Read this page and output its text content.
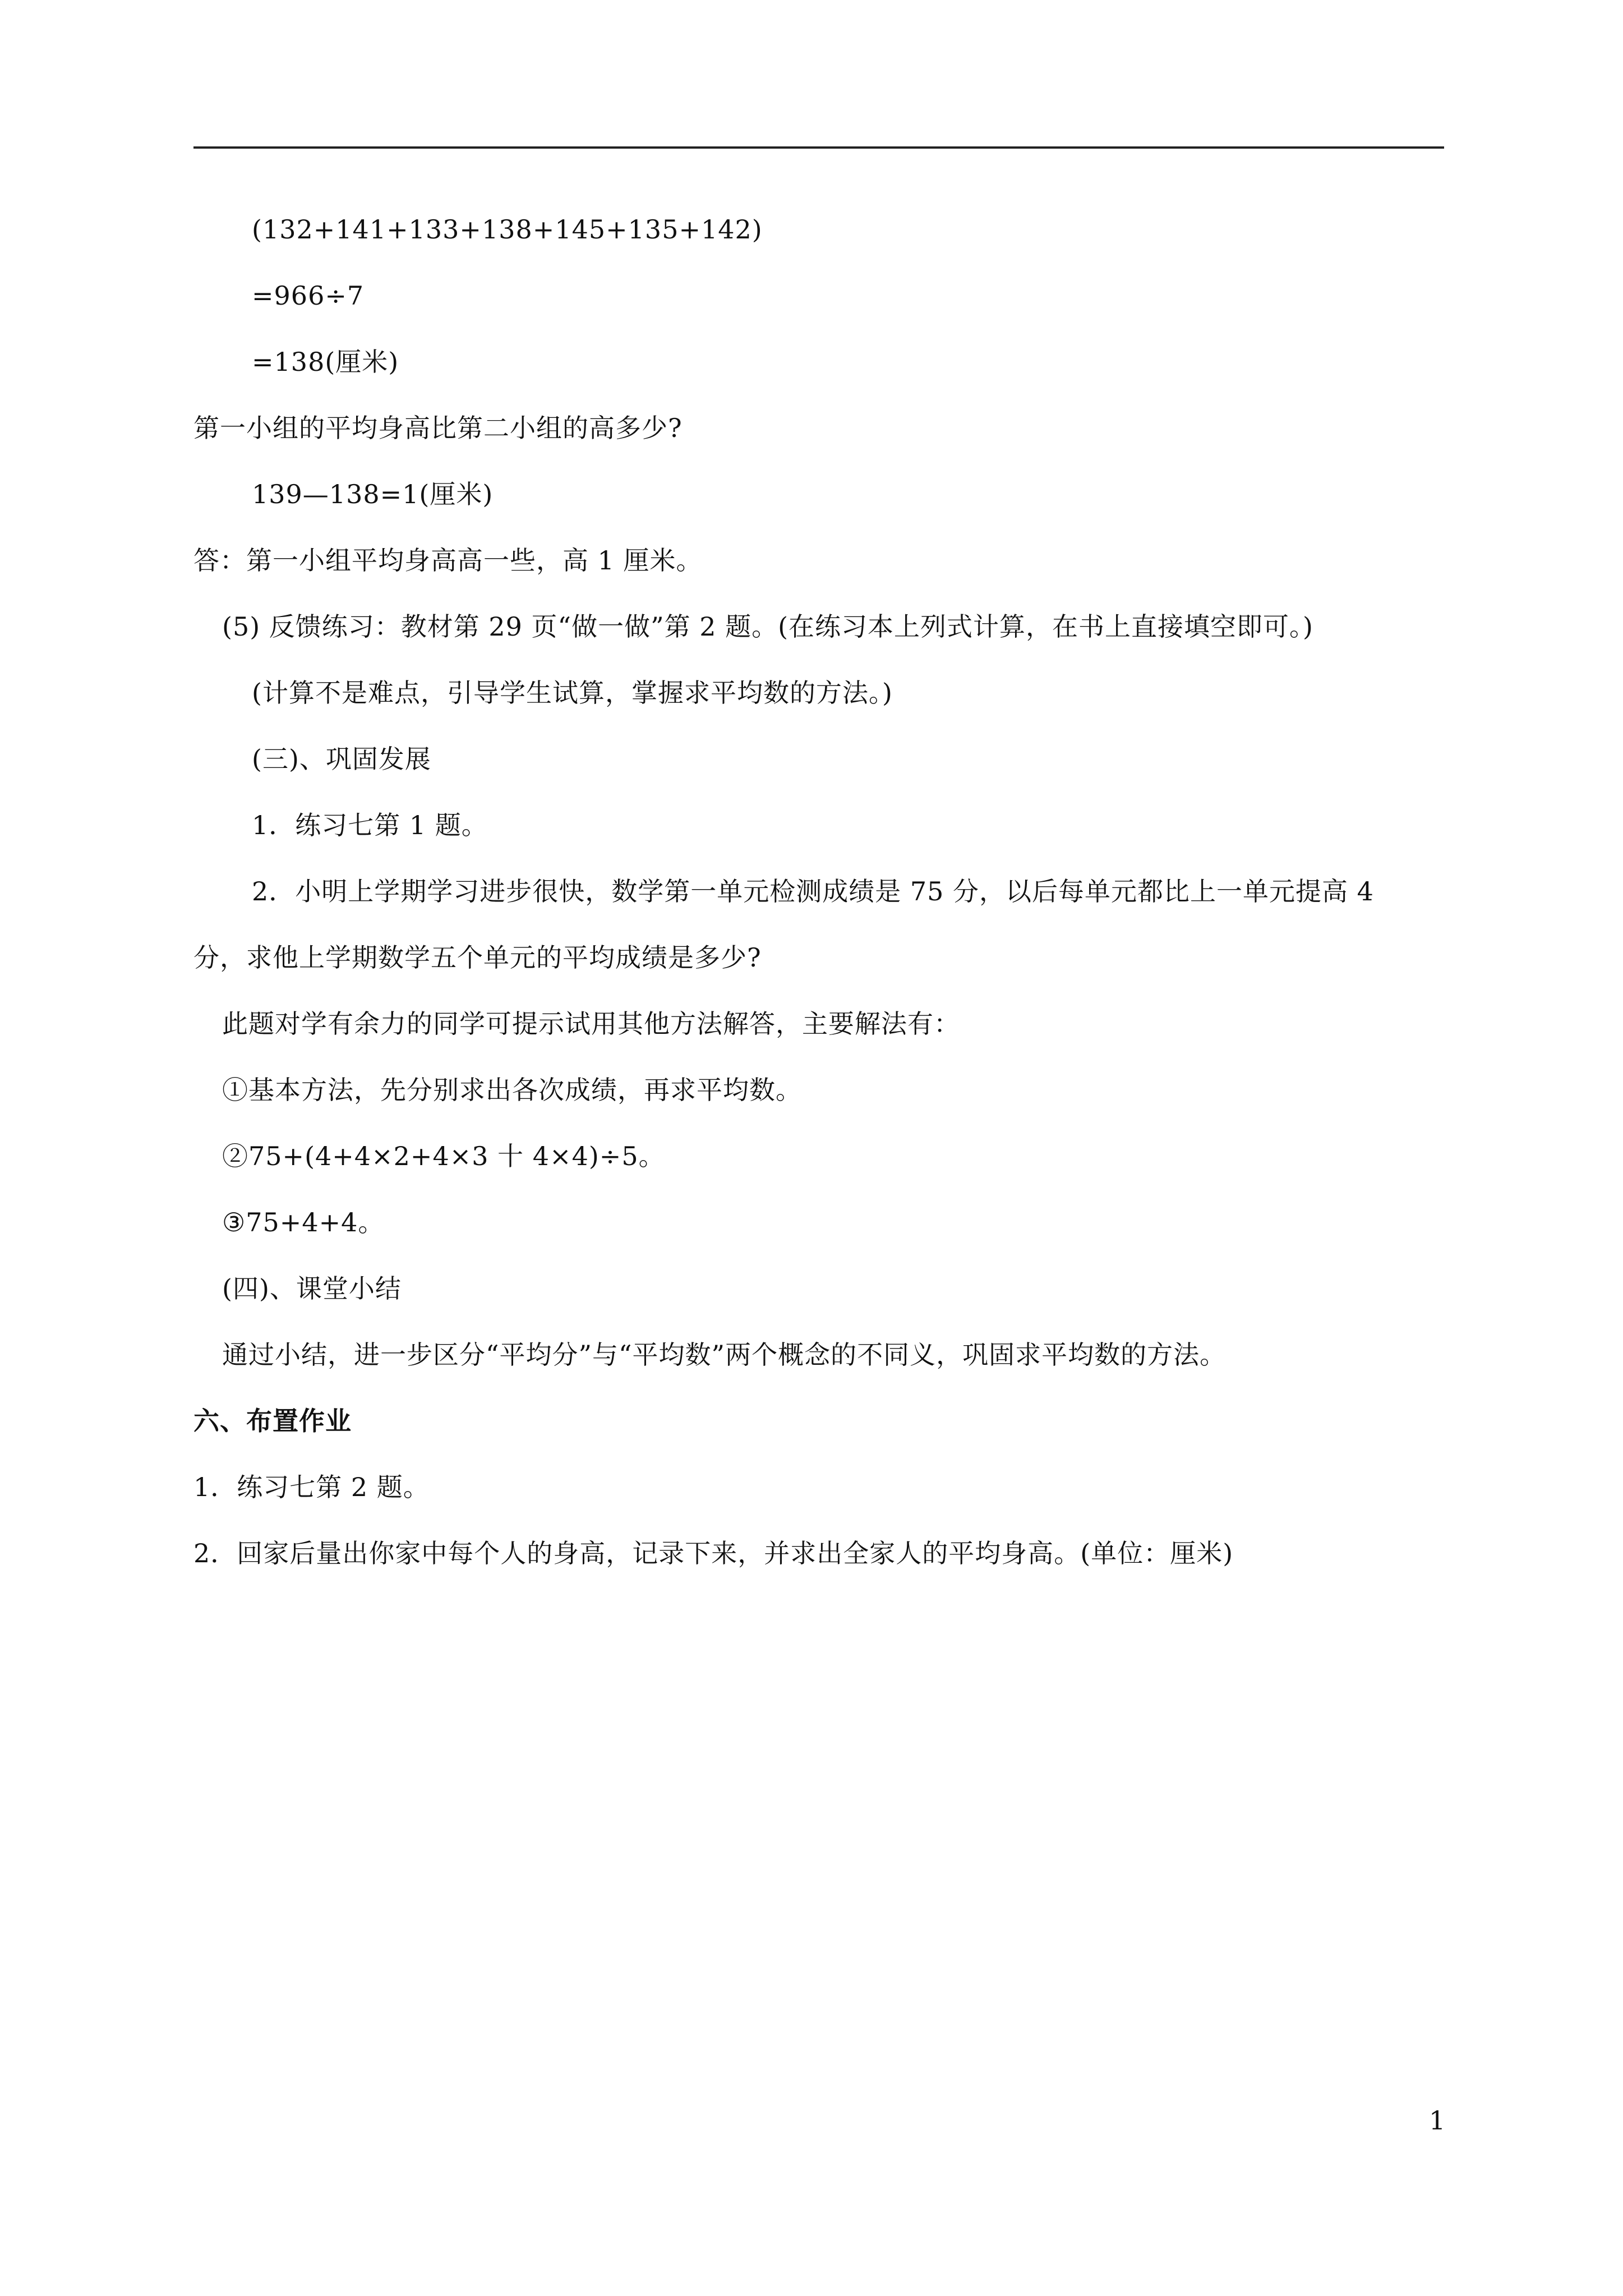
(132+141+133+138+145+135+142)
=966÷7
=138(厘米)
第一小组的平均身高比第二小组的高多少?
139—138=1(厘米)
答：第一小组平均身高高一些，高 1 厘米。
(5) 反馈练习：教材第 29 页“做一做”第 2 题。(在练习本上列式计算，在书上直接填空即可。)
(计算不是难点，引导学生试算，掌握求平均数的方法。)
(三)、巩固发展
1．练习七第 1 题。
2．小明上学期学习进步很快，数学第一单元检测成绩是 75 分，以后每单元都比上一单元提高 4
分，求他上学期数学五个单元的平均成绩是多少?
此题对学有余力的同学可提示试用其他方法解答，主要解法有：
①基本方法，先分别求出各次成绩，再求平均数。
②75+(4+4×2+4×3 十 4×4)÷5。
③75+4+4。
(四)、课堂小结
通过小结，进一步区分“平均分”与“平均数”两个概念的不同义，巩固求平均数的方法。
六、布置作业
1．练习七第 2 题。
2．回家后量出你家中每个人的身高，记录下来，并求出全家人的平均身高。(单位：厘米)
1
